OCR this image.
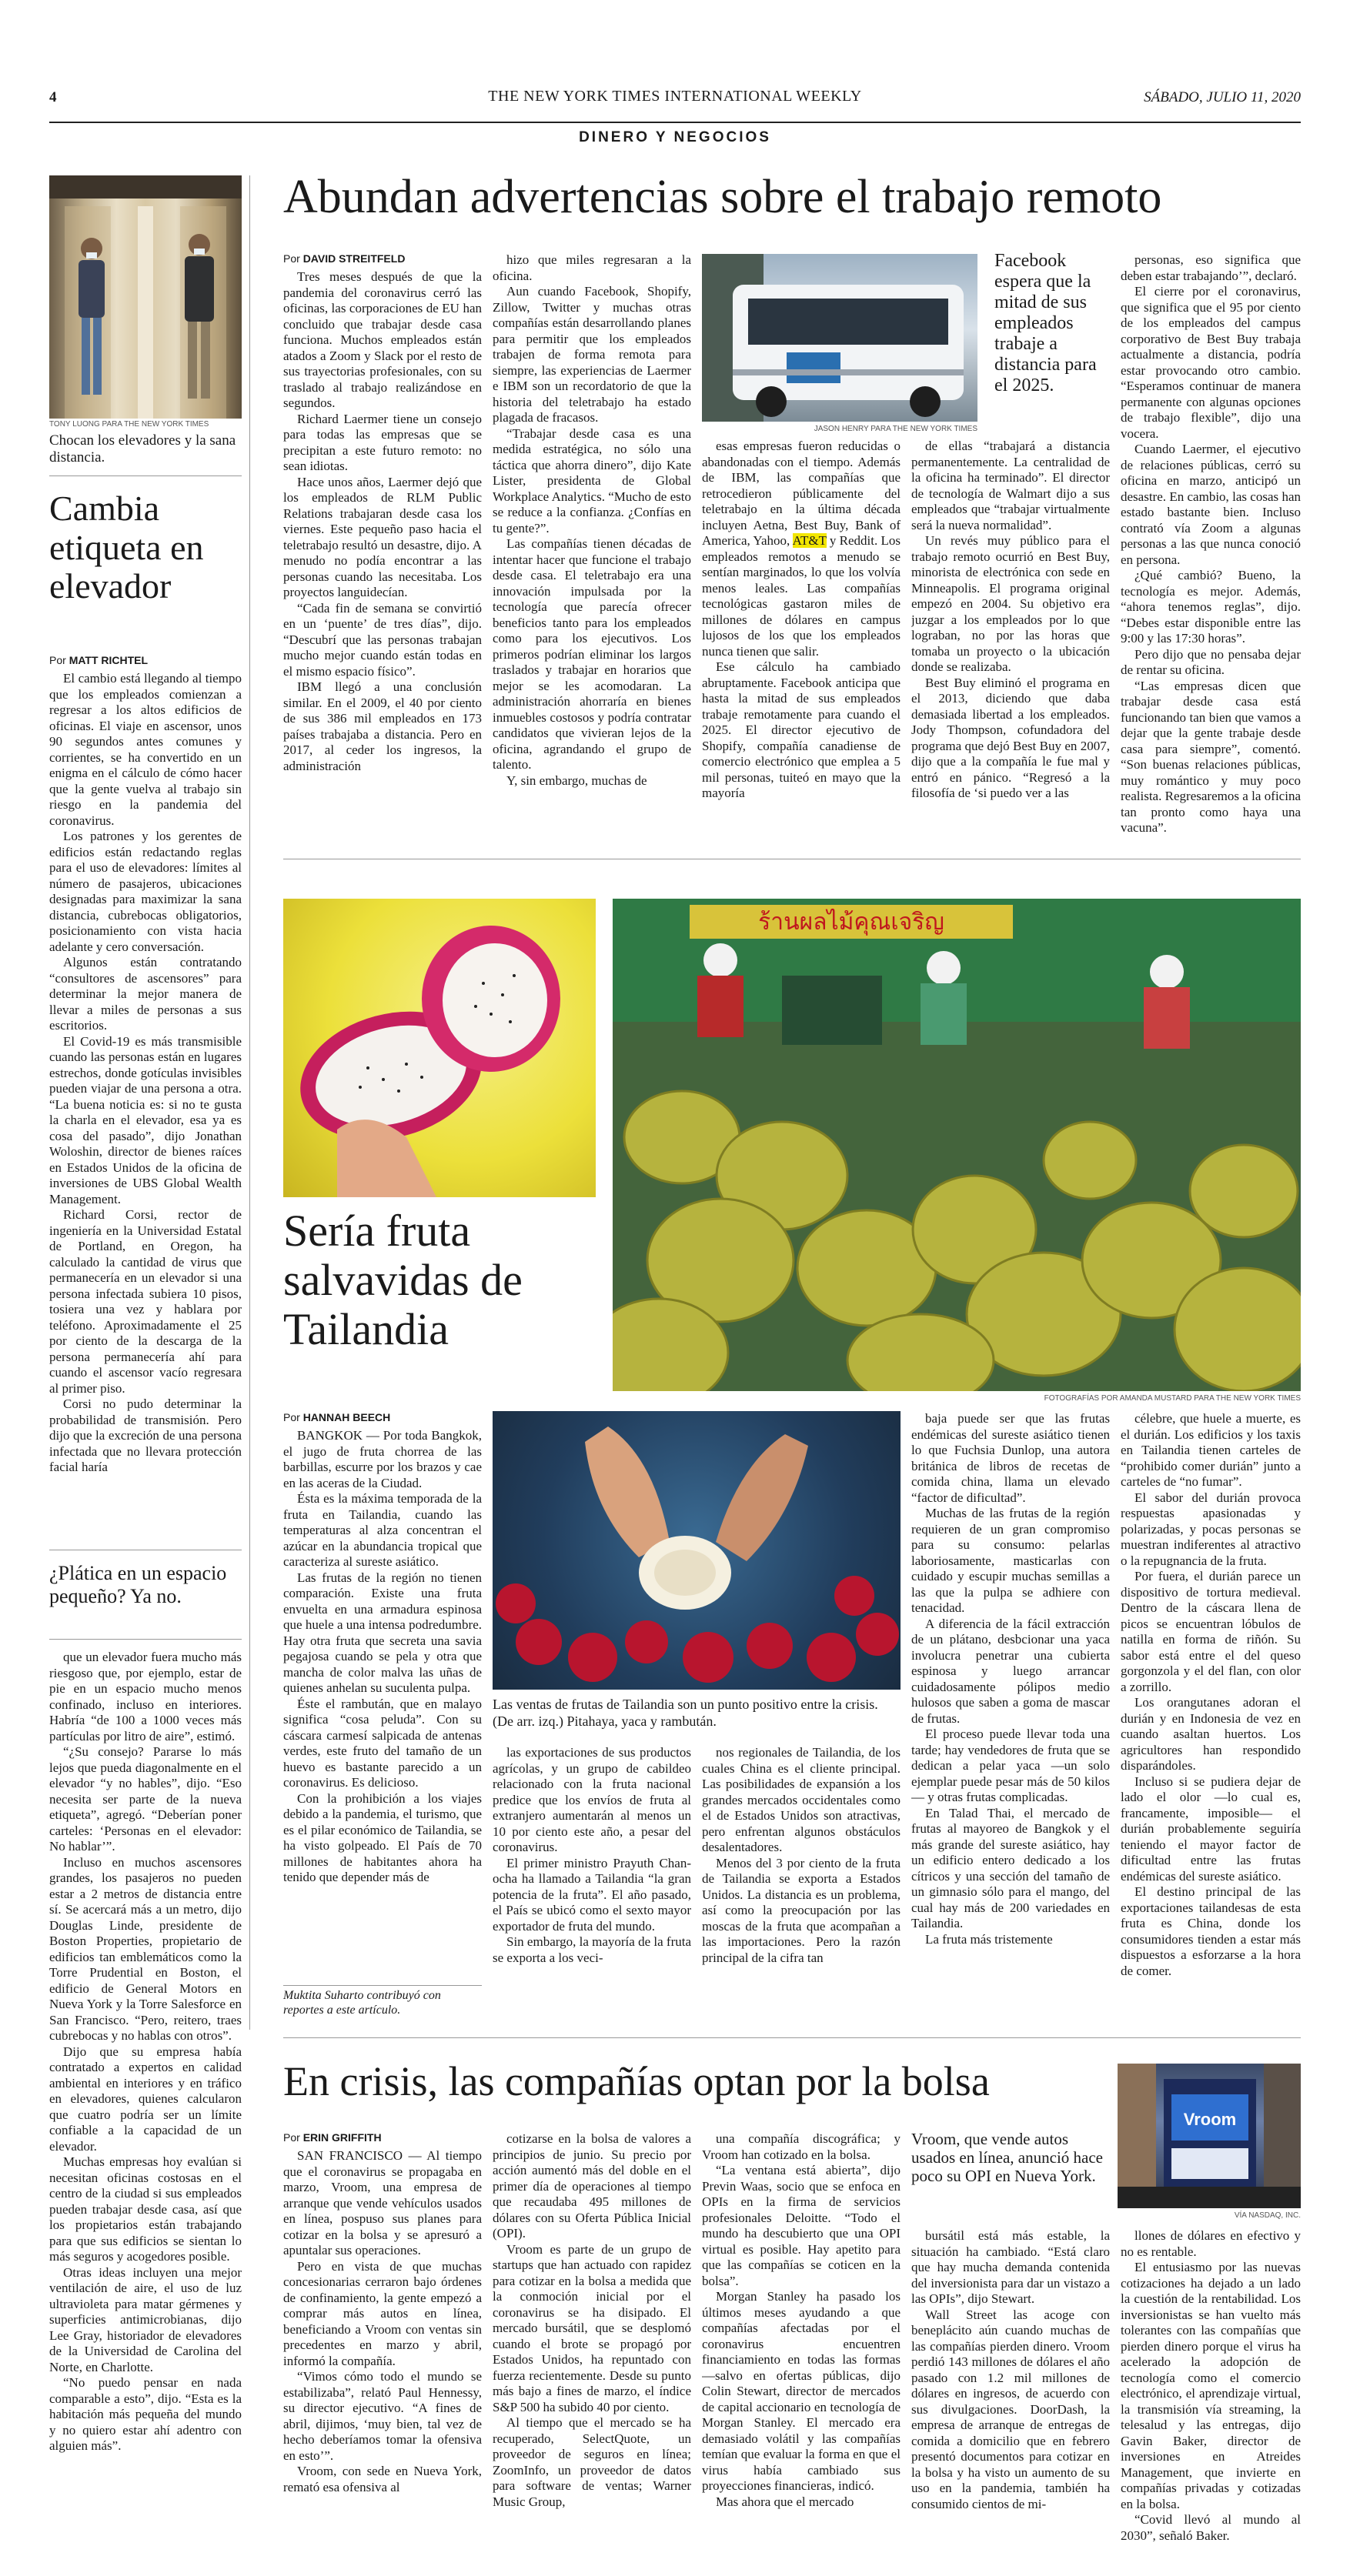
4	THE NEW YORK TIMES INTERNATIONAL WEEKLY	SÁBADO, JULIO 11, 2020
DINERO Y NEGOCIOS
TONY LUONG PARA THE NEW YORK TIMES
Chocan los elevadores y la sana distancia.
Cambia etiqueta en elevador
Por MATT RICHTEL

El cambio está llegando al tiempo que los empleados comienzan a regresar a los altos edificios de oficinas. El viaje en ascensor, unos 90 segundos antes comunes y corrientes, se ha convertido en un enigma en el cálculo de cómo hacer que la gente vuelva al trabajo sin riesgo en la pandemia del coronavirus.

Los patrones y los gerentes de edificios están redactando reglas para el uso de elevadores: límites al número de pasajeros, ubicaciones designadas para maximizar la sana distancia, cubrebocas obligatorios, posicionamiento con vista hacia adelante y cero conversación.

Algunos están contratando “consultores de ascensores” para determinar la mejor manera de llevar a miles de personas a sus escritorios.

El Covid-19 es más transmisible cuando las personas están en lugares estrechos, donde gotículas invisibles pueden viajar de una persona a otra. “La buena noticia es: si no te gusta la charla en el elevador, esa ya es cosa del pasado”, dijo Jonathan Woloshin, director de bienes raíces en Estados Unidos de la oficina de inversiones de UBS Global Wealth Management.

Richard Corsi, rector de ingeniería en la Universidad Estatal de Portland, en Oregon, ha calculado la cantidad de virus que permanecería en un elevador si una persona infectada subiera 10 pisos, tosiera una vez y hablara por teléfono. Aproximadamente el 25 por ciento de la descarga de la persona permanecería ahí para cuando el ascensor vacío regresara al primer piso.

Corsi no pudo determinar la probabilidad de transmisión. Pero dijo que la excreción de una persona infectada que no llevara protección facial haría

¿Plática en un espacio pequeño? Ya no.

que un elevador fuera mucho más riesgoso que, por ejemplo, estar de pie en un espacio mucho menos confinado, incluso en interiores. Habría “de 100 a 1000 veces más partículas por litro de aire”, estimó.

“¿Su consejo? Pararse lo más lejos que pueda diagonalmente en el elevador “y no hables”, dijo. “Eso necesita ser parte de la nueva etiqueta”, agregó. “Deberían poner carteles: ‘Personas en el elevador: No hablar’”.

Incluso en muchos ascensores grandes, los pasajeros no pueden estar a 2 metros de distancia entre sí. Se acercará más a un metro, dijo Douglas Linde, presidente de Boston Properties, propietario de edificios tan emblemáticos como la Torre Prudential en Boston, el edificio de General Motors en Nueva York y la Torre Salesforce en San Francisco. “Pero, reitero, traes cubrebocas y no hablas con otros”.

Dijo que su empresa había contratado a expertos en calidad ambiental en interiores y en tráfico en elevadores, quienes calcularon que cuatro podría ser un límite confiable a la capacidad de un elevador.

Muchas empresas hoy evalúan si necesitan oficinas costosas en el centro de la ciudad si sus empleados pueden trabajar desde casa, así que los propietarios están trabajando para que sus edificios se sientan lo más seguros y acogedores posible.

Otras ideas incluyen una mejor ventilación de aire, el uso de luz ultravioleta para matar gérmenes y superficies antimicrobianas, dijo Lee Gray, historiador de elevadores de la Universidad de Carolina del Norte, en Charlotte.

“No puedo pensar en nada comparable a esto”, dijo. “Esta es la habitación más pequeña del mundo y no quiero estar ahí adentro con alguien más”.

Abundan advertencias sobre el trabajo remoto
Por DAVID STREITFELD

Tres meses después de que la pandemia del coronavirus cerró las oficinas, las corporaciones de EU han concluido que trabajar desde casa funciona. Muchos empleados están atados a Zoom y Slack por el resto de sus trayectorias profesionales, con su traslado al trabajo realizándose en segundos.

Richard Laermer tiene un consejo para todas las empresas que se precipitan a este futuro remoto: no sean idiotas.

Hace unos años, Laermer dejó que los empleados de RLM Public Relations trabajaran desde casa los viernes. Este pequeño paso hacia el teletrabajo resultó un desastre, dijo. A menudo no podía encontrar a las personas cuando las necesitaba. Los proyectos languidecían.

“Cada fin de semana se convirtió en un ‘puente’ de tres días”, dijo. “Descubrí que las personas trabajan mucho mejor cuando están todas en el mismo espacio físico”.

IBM llegó a una conclusión similar. En el 2009, el 40 por ciento de sus 386 mil empleados en 173 países trabajaba a distancia. Pero en 2017, al ceder los ingresos, la administración

hizo que miles regresaran a la oficina.

Aun cuando Facebook, Shopify, Zillow, Twitter y muchas otras compañías están desarrollando planes para permitir que los empleados trabajen de forma remota para siempre, las experiencias de Laermer e IBM son un recordatorio de que la historia del teletrabajo ha estado plagada de fracasos.

“Trabajar desde casa es una medida estratégica, no sólo una táctica que ahorra dinero”, dijo Kate Lister, presidenta de Global Workplace Analytics. “Mucho de esto se reduce a la confianza. ¿Confías en tu gente?”.

Las compañías tienen décadas de intentar hacer que funcione el trabajo desde casa. El teletrabajo era una innovación impulsada por la tecnología que parecía ofrecer beneficios tanto para los empleados como para los ejecutivos. Los primeros podrían eliminar los largos traslados y trabajar en horarios que mejor se les acomodaran. La administración ahorraría en bienes inmuebles costosos y podría contratar candidatos que vivieran lejos de la oficina, agrandando el grupo de talento.

Y, sin embargo, muchas de

JASON HENRY PARA THE NEW YORK TIMES
Facebook espera que la mitad de sus empleados trabaje a distancia para el 2025.

esas empresas fueron reducidas o abandonadas con el tiempo. Además de IBM, las compañías que retrocedieron públicamente del teletrabajo en la última década incluyen Aetna, Best Buy, Bank of America, Yahoo, AT&T y Reddit. Los empleados remotos a menudo se sentían marginados, lo que los volvía menos leales. Las compañías tecnológicas gastaron miles de millones de dólares en campus lujosos de los que los empleados nunca tienen que salir.

Ese cálculo ha cambiado abruptamente. Facebook anticipa que hasta la mitad de sus empleados trabaje remotamente para cuando el 2025. El director ejecutivo de Shopify, compañía canadiense de comercio electrónico que emplea a 5 mil personas, tuiteó en mayo que la mayoría

de ellas “trabajará a distancia permanentemente. La centralidad de la oficina ha terminado”. El director de tecnología de Walmart dijo a sus empleados que “trabajar virtualmente será la nueva normalidad”.

Un revés muy público para el trabajo remoto ocurrió en Best Buy, minorista de electrónica con sede en Minneapolis. El programa original empezó en 2004. Su objetivo era juzgar a los empleados por lo que lograban, no por las horas que tomaba un proyecto o la ubicación donde se realizaba.

Best Buy eliminó el programa en el 2013, diciendo que daba demasiada libertad a los empleados. Jody Thompson, cofundadora del programa que dejó Best Buy en 2007, dijo que a la compañía le fue mal y entró en pánico. “Regresó a la filosofía de ‘si puedo ver a las

personas, eso significa que deben estar trabajando’”, declaró.

El cierre por el coronavirus, que significa que el 95 por ciento de los empleados del campus corporativo de Best Buy trabaja actualmente a distancia, podría estar provocando otro cambio. “Esperamos continuar de manera permanente con algunas opciones de trabajo flexible”, dijo una vocera.

Cuando Laermer, el ejecutivo de relaciones públicas, cerró su oficina en marzo, anticipó un desastre. En cambio, las cosas han estado bastante bien. Incluso contrató vía Zoom a algunas personas a las que nunca conoció en persona.

¿Qué cambió? Bueno, la tecnología es mejor. Además, “ahora tenemos reglas”, dijo. “Debes estar disponible entre las 9:00 y las 17:30 horas”.

Pero dijo que no pensaba dejar de rentar su oficina.

“Las empresas dicen que trabajar desde casa está funcionando tan bien que vamos a dejar que la gente trabaje desde casa para siempre”, comentó. “Son buenas relaciones públicas, muy romántico y muy poco realista. Regresaremos a la oficina tan pronto como haya una vacuna”.

Sería fruta salvavidas de Tailandia
ร้านผลไม้คุณเจริญ
FOTOGRAFÍAS POR AMANDA MUSTARD PARA THE NEW YORK TIMES
Por HANNAH BEECH

BANGKOK — Por toda Bangkok, el jugo de fruta chorrea de las barbillas, escurre por los brazos y cae en las aceras de la Ciudad.

Ésta es la máxima temporada de la fruta en Tailandia, cuando las temperaturas al alza concentran el azúcar en la abundancia tropical que caracteriza al sureste asiático.

Las frutas de la región no tienen comparación. Existe una fruta envuelta en una armadura espinosa que huele a una intensa podredumbre. Hay otra fruta que secreta una savia pegajosa cuando se pela y otra que mancha de color malva las uñas de quienes anhelan su suculenta pulpa.

Éste el rambután, que en malayo significa “cosa peluda”. Con su cáscara carmesí salpicada de antenas verdes, este fruto del tamaño de un huevo es bastante parecido a un coronavirus. Es delicioso.

Con la prohibición a los viajes debido a la pandemia, el turismo, que es el pilar económico de Tailandia, se ha visto golpeado. El País de 70 millones de habitantes ahora ha tenido que depender más de

Las ventas de frutas de Tailandia son un punto positivo entre la crisis. (De arr. izq.) Pitahaya, yaca y rambután.

las exportaciones de sus productos agrícolas, y un grupo de cabildeo relacionado con la fruta nacional predice que los envíos de fruta al extranjero aumentarán al menos un 10 por ciento este año, a pesar del coronavirus.

El primer ministro Prayuth Chan-ocha ha llamado a Tailandia “la gran potencia de la fruta”. El año pasado, el País se ubicó como el sexto mayor exportador de fruta del mundo.

Sin embargo, la mayoría de la fruta se exporta a los veci-

nos regionales de Tailandia, de los cuales China es el cliente principal. Las posibilidades de expansión a los grandes mercados occidentales como el de Estados Unidos son atractivas, pero enfrentan algunos obstáculos desalentadores.

Menos del 3 por ciento de la fruta de Tailandia se exporta a Estados Unidos. La distancia es un problema, así como la preocupación por las moscas de la fruta que acompañan a las importaciones. Pero la razón principal de la cifra tan

baja puede ser que las frutas endémicas del sureste asiático tienen lo que Fuchsia Dunlop, una autora británica de libros de recetas de comida china, llama un elevado “factor de dificultad”.

Muchas de las frutas de la región requieren de un gran compromiso para su consumo: pelarlas laboriosamente, masticarlas con cuidado y escupir muchas semillas a las que la pulpa se adhiere con tenacidad.

A diferencia de la fácil extracción de un plátano, desbcionar una yaca involucra penetrar una cubierta espinosa y luego arrancar cuidadosamente pólipos medio hulosos que saben a goma de mascar de frutas.

El proceso puede llevar toda una tarde; hay vendedores de fruta que se dedican a pelar yaca —un solo ejemplar puede pesar más de 50 kilos— y otras frutas complicadas.

En Talad Thai, el mercado de frutas al mayoreo de Bangkok y el más grande del sureste asiático, hay un edificio entero dedicado a los cítricos y una sección del tamaño de un gimnasio sólo para el mango, del cual hay más de 200 variedades en Tailandia.

La fruta más tristemente

célebre, que huele a muerte, es el durián. Los edificios y los taxis en Tailandia tienen carteles de “prohibido comer durián” junto a carteles de “no fumar”.

El sabor del durián provoca respuestas apasionadas y polarizadas, y pocas personas se muestran indiferentes al atractivo o la repugnancia de la fruta.

Por fuera, el durián parece un dispositivo de tortura medieval. Dentro de la cáscara llena de picos se encuentran lóbulos de natilla en forma de riñón. Su sabor está entre el del queso gorgonzola y el del flan, con olor a zorrillo.

Los orangutanes adoran el durián y en Indonesia de vez en cuando asaltan huertos. Los agricultores han respondido disparándoles.

Incluso si se pudiera dejar de lado el olor —lo cual es, francamente, imposible— el durián probablemente seguiría teniendo el mayor factor de dificultad entre las frutas endémicas del sureste asiático.

El destino principal de las exportaciones tailandesas de esta fruta es China, donde los consumidores tienden a estar más dispuestos a esforzarse a la hora de comer.

Muktita Suharto contribuyó con reportes a este artículo.
En crisis, las compañías optan por la bolsa
Vroom
VÍA NASDAQ, INC.
Por ERIN GRIFFITH

SAN FRANCISCO — Al tiempo que el coronavirus se propagaba en marzo, Vroom, una empresa de arranque que vende vehículos usados en línea, pospuso sus planes para cotizar en la bolsa y se apresuró a apuntalar sus operaciones.

Pero en vista de que muchas concesionarias cerraron bajo órdenes de confinamiento, la gente empezó a comprar más autos en línea, beneficiando a Vroom con ventas sin precedentes en marzo y abril, informó la compañía.

“Vimos cómo todo el mundo se estabilizaba”, relató Paul Hennessy, su director ejecutivo. “A fines de abril, dijimos, ‘muy bien, tal vez de hecho deberíamos tomar la ofensiva en esto’”.

Vroom, con sede en Nueva York, remató esa ofensiva al

cotizarse en la bolsa de valores a principios de junio. Su precio por acción aumentó más del doble en el primer día de operaciones al tiempo que recaudaba 495 millones de dólares con su Oferta Pública Inicial (OPI).

Vroom es parte de un grupo de startups que han actuado con rapidez para cotizar en la bolsa a medida que la conmoción inicial por el coronavirus se ha disipado. El mercado bursátil, que se desplomó cuando el brote se propagó por Estados Unidos, ha repuntado con fuerza recientemente. Desde su punto más bajo a fines de marzo, el índice S&P 500 ha subido 40 por ciento.

Al tiempo que el mercado se ha recuperado, SelectQuote, un proveedor de seguros en línea; ZoomInfo, un proveedor de datos para software de ventas; Warner Music Group,

una compañía discográfica; y Vroom han cotizado en la bolsa.

“La ventana está abierta”, dijo Previn Waas, socio que se enfoca en OPIs en la firma de servicios profesionales Deloitte. “Todo el mundo ha descubierto que una OPI virtual es posible. Hay apetito para que las compañías se coticen en la bolsa”.

Morgan Stanley ha pasado los últimos meses ayudando a que compañías afectadas por el coronavirus encuentren financiamiento en todas las formas —salvo en ofertas públicas, dijo Colin Stewart, director de mercados de capital accionario en tecnología de Morgan Stanley. El mercado era demasiado volátil y las compañías temían que evaluar la forma en que el virus había cambiado sus proyecciones financieras, indicó.

Mas ahora que el mercado

Vroom, que vende autos usados en línea, anunció hace poco su OPI en Nueva York.

bursátil está más estable, la situación ha cambiado. “Está claro que hay mucha demanda contenida del inversionista para dar un vistazo a las OPIs”, dijo Stewart.

Wall Street las acoge con beneplácito aún cuando muchas de las compañías pierden dinero. Vroom perdió 143 millones de dólares el año pasado con 1.2 mil millones de dólares en ingresos, de acuerdo con sus divulgaciones. DoorDash, la empresa de arranque de entregas de comida a domicilio que en febrero presentó documentos para cotizar en la bolsa y ha visto un aumento de su uso en la pandemia, también ha consumido cientos de mi-

llones de dólares en efectivo y no es rentable.

El entusiasmo por las nuevas cotizaciones ha dejado a un lado la cuestión de la rentabilidad. Los inversionistas se han vuelto más tolerantes con las compañías que pierden dinero porque el virus ha acelerado la adopción de tecnología como el comercio electrónico, el aprendizaje virtual, la transmisión vía streaming, la telesalud y las entregas, dijo Gavin Baker, director de inversiones en Atreides Management, que invierte en compañías privadas y cotizadas en la bolsa.

“Covid llevó al mundo al 2030”, señaló Baker.
